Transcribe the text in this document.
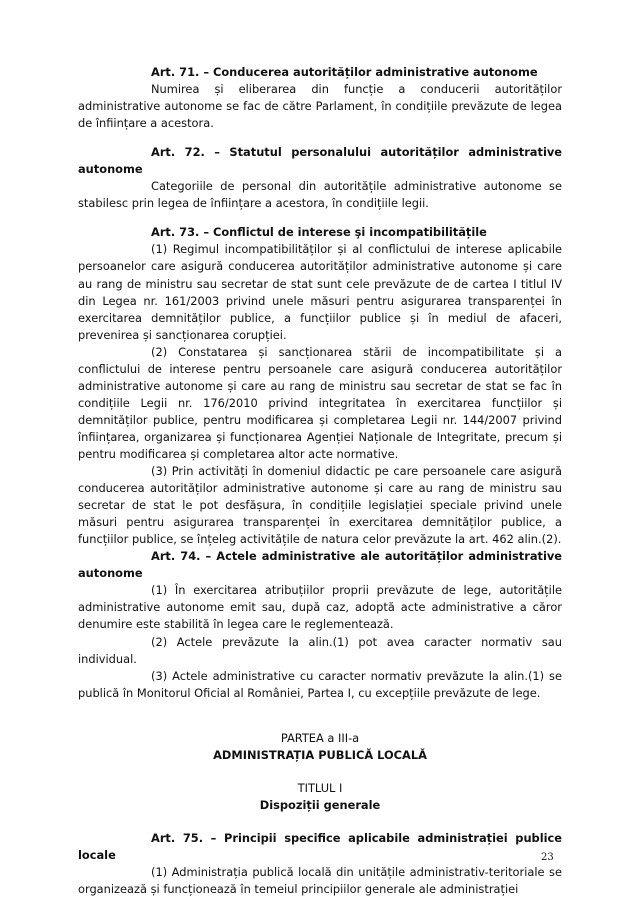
Art. 71. – Conducerea autorităților administrative autonome

Numirea și eliberarea din funcție a conducerii autorităților administrative autonome se fac de către Parlament, în condițiile prevăzute de legea de înființare a acestora.

Art. 72. – Statutul personalului autorităților administrative autonome

Categoriile de personal din autoritățile administrative autonome se stabilesc prin legea de înființare a acestora, în condițiile legii.

Art. 73. – Conflictul de interese şi incompatibilitățile

(1) Regimul incompatibilităților și al conflictului de interese aplicabile persoanelor care asigură conducerea autorităților administrative autonome și care au rang de ministru sau secretar de stat sunt cele prevăzute de de cartea I titlul IV din Legea nr. 161/2003 privind unele măsuri pentru asigurarea transparenței în exercitarea demnităților publice, a funcțiilor publice și în mediul de afaceri, prevenirea și sancționarea corupției.

(2) Constatarea și sancționarea stării de incompatibilitate și a conflictului de interese pentru persoanele care asigură conducerea autorităților administrative autonome și care au rang de ministru sau secretar de stat se fac în condițiile Legii nr. 176/2010 privind integritatea în exercitarea funcțiilor și demnităților publice, pentru modificarea și completarea Legii nr. 144/2007 privind înființarea, organizarea și funcționarea Agenției Naționale de Integritate, precum și pentru modificarea și completarea altor acte normative.

(3) Prin activități în domeniul didactic pe care persoanele care asigură conducerea autorităților administrative autonome și care au rang de ministru sau secretar de stat le pot desfășura, în condițiile legislației speciale privind unele măsuri pentru asigurarea transparenței în exercitarea demnităților publice, a funcțiilor publice, se înțeleg activitățile de natura celor prevăzute la art. 462 alin.(2).

Art. 74. – Actele administrative ale autorităților administrative autonome

(1) În exercitarea atribuțiilor proprii prevăzute de lege, autoritățile administrative autonome emit sau, după caz, adoptă acte administrative a căror denumire este stabilită în legea care le reglementează.

(2) Actele prevăzute la alin.(1) pot avea caracter normativ sau individual.

(3) Actele administrative cu caracter normativ prevăzute la alin.(1) se publică în Monitorul Oficial al României, Partea I, cu excepțiile prevăzute de lege.

PARTEA a III-a

ADMINISTRAȚIA PUBLICĂ LOCALĂ

TITLUL I

Dispoziții generale

Art. 75. – Principii specifice aplicabile administrației publice locale

(1) Administrația publică locală din unitățile administrativ-teritoriale se organizează și funcționează în temeiul principiilor generale ale administrației

23
